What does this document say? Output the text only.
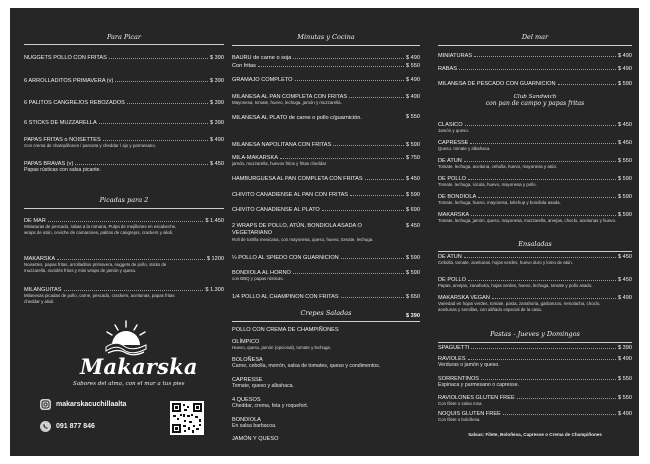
Para Picar
NUGGETS POLLO CON FRITAS	$ 390
6 ARROLLADITOS PRIMAVERA (v)	$ 390
6 PALITOS CANGREJOS REBOZADOS	$ 390
6 STICKS DE MUZZARELLA	$ 390
PAPAS FRITAS o NOISETTES	$ 490
Con crema de champiñones / panceta y cheddar / ajo y parmesano.
PAPAS BRAVAS (v)	$ 450
Papas rústicas con salsa picante.
Picadas para 2
DE MAR	$ 1.450
Miniaturas de pescado, rabas a la romana, Pulpa de mejillones en escabeche, wraps de atún, ceviche de camarones, palitos de cangrejos, crackers y alioli.
MAKARSKA	$ 1200
Noisettes, papas fritas, arrolladitos primavera, nuggets de pollo, sticks de muzzarella, raviolés fritos y mini wraps de jamón y queso.
MILANGUITAS	$ 1.300
Milanesas picadas de pollo, carne, pescado, crackers, aceitunas, papas fritas cheddar y alioli.
Makarska
Sabores del alma, con el mar a tus pies
makarskacuchillaalta
091 877 846
Minutas y Cocina
BAURÚ de carne o soja	$ 490
Con fritas	$ 550
GRAMAJO COMPLETO	$ 490
MILANESA AL PAN COMPLETA CON FRITAS	$ 490
Mayonesa, tomate, huevo, lechuga, jamón y muzzarella.
MILANESA AL PLATO de carne o pollo c/guarnición.	$ 550
MILANESA NAPOLITANA CON FRITAS	$ 590
MILA-MAKARSKA	$ 750
jamón, muzzarella, huevos fritos y fritas cheddar
HAMBURGUESA AL PAN COMPLETA CON FRITAS	$ 450
CHIVITO CANADIENSE AL PAN CON FRITAS	$ 590
CHIVITO CANADIENSE AL PLATO	$ 690
2 WRAPS DE POLLO, ATÚN, BONDIOLA ASADA O VEGETARIANO
$ 450
Roll de tortilla mexicana, con mayonesa, queso, huevo, tomate, lechuga.
¼ POLLO AL SPIEDO CON GUARNICIÓN	$ 590
BONDIOLA AL HORNO	$ 590
con BBQ y papas rústicas.
1/4 POLLO AL CHAMPIÑÓN CON FRITAS	$ 650
Crepes Saladas	$ 390
POLLO CON CREMA DE CHAMPIÑONES
OLÍMPICO
Huevo, queso, jamón (opcional), tomate y lechuga.
BOLOÑESA
Carne, cebolla, morrón, salsa de tomates, queso y condimentos.
CAPRESSE
Tomate, queso y albahaca.
4 QUESOS
Cheddar, crema, feta y roquefort.
BONDIOLA
En salsa barbacoa.
JAMÓN Y QUESO
Del mar
MINIATURAS	$ 490
RABAS	$ 490
MILANESA DE PESCADO CON GUARNICIÓN	$ 590
Club Sandwich
con pan de campo y papas fritas
CLÁSICO	$ 450
Jamón y queso.
CAPRESSE	$ 450
Queso, tomate y albahaca.
DE ATÚN	$ 550
Tomate, lechuga, aceituna, cebolla, huevo, mayonesa y atún.
DE POLLO	$ 590
Tomate, lechuga, rúcula, huevo, mayonesa y pollo.
DE BONDIOLA	$ 590
Tomate, lechuga, huevo, mayonesa, kétchup y bondiola asada.
MAKARSKA	$ 590
Tomate, lechuga, jamón, queso, mayonesa, muzzarella, arvejas, choclo, aceitunas y huevo.
Ensaladas
DE ATÚN	$ 450
Cebolla, tomate, aceitunas, hojas verdes, huevo duro y lomo de atún.
DE POLLO	$ 450
Papas, arvejas, zanahoria, hojas verdes, huevo, lechuga, tomate y pollo asado.
MAKARSKA VEGAN	$ 490
Variedad en hojas verdes, tomate, pasta, zanahoria, garbanzos, remolacha, choclo, aceitunas y semillas, con aliñado especial de la casa.
Pastas - Jueves y Domingos
SPAGUETTI	$ 390
RAVIOLES	$ 490
Verduras o jamón y queso.
SORRENTINOS	$ 550
Espinaca y parmesano o capresse.
RAVIOLONES GLUTEN FREE	$ 550
Con filete o salsa rosa.
ÑOQUIS GLUTEN FREE	$ 490
Con filete o boloñesa.
Salsas: Filete, Boloñesa, Capresse o Crema de Champiñones
